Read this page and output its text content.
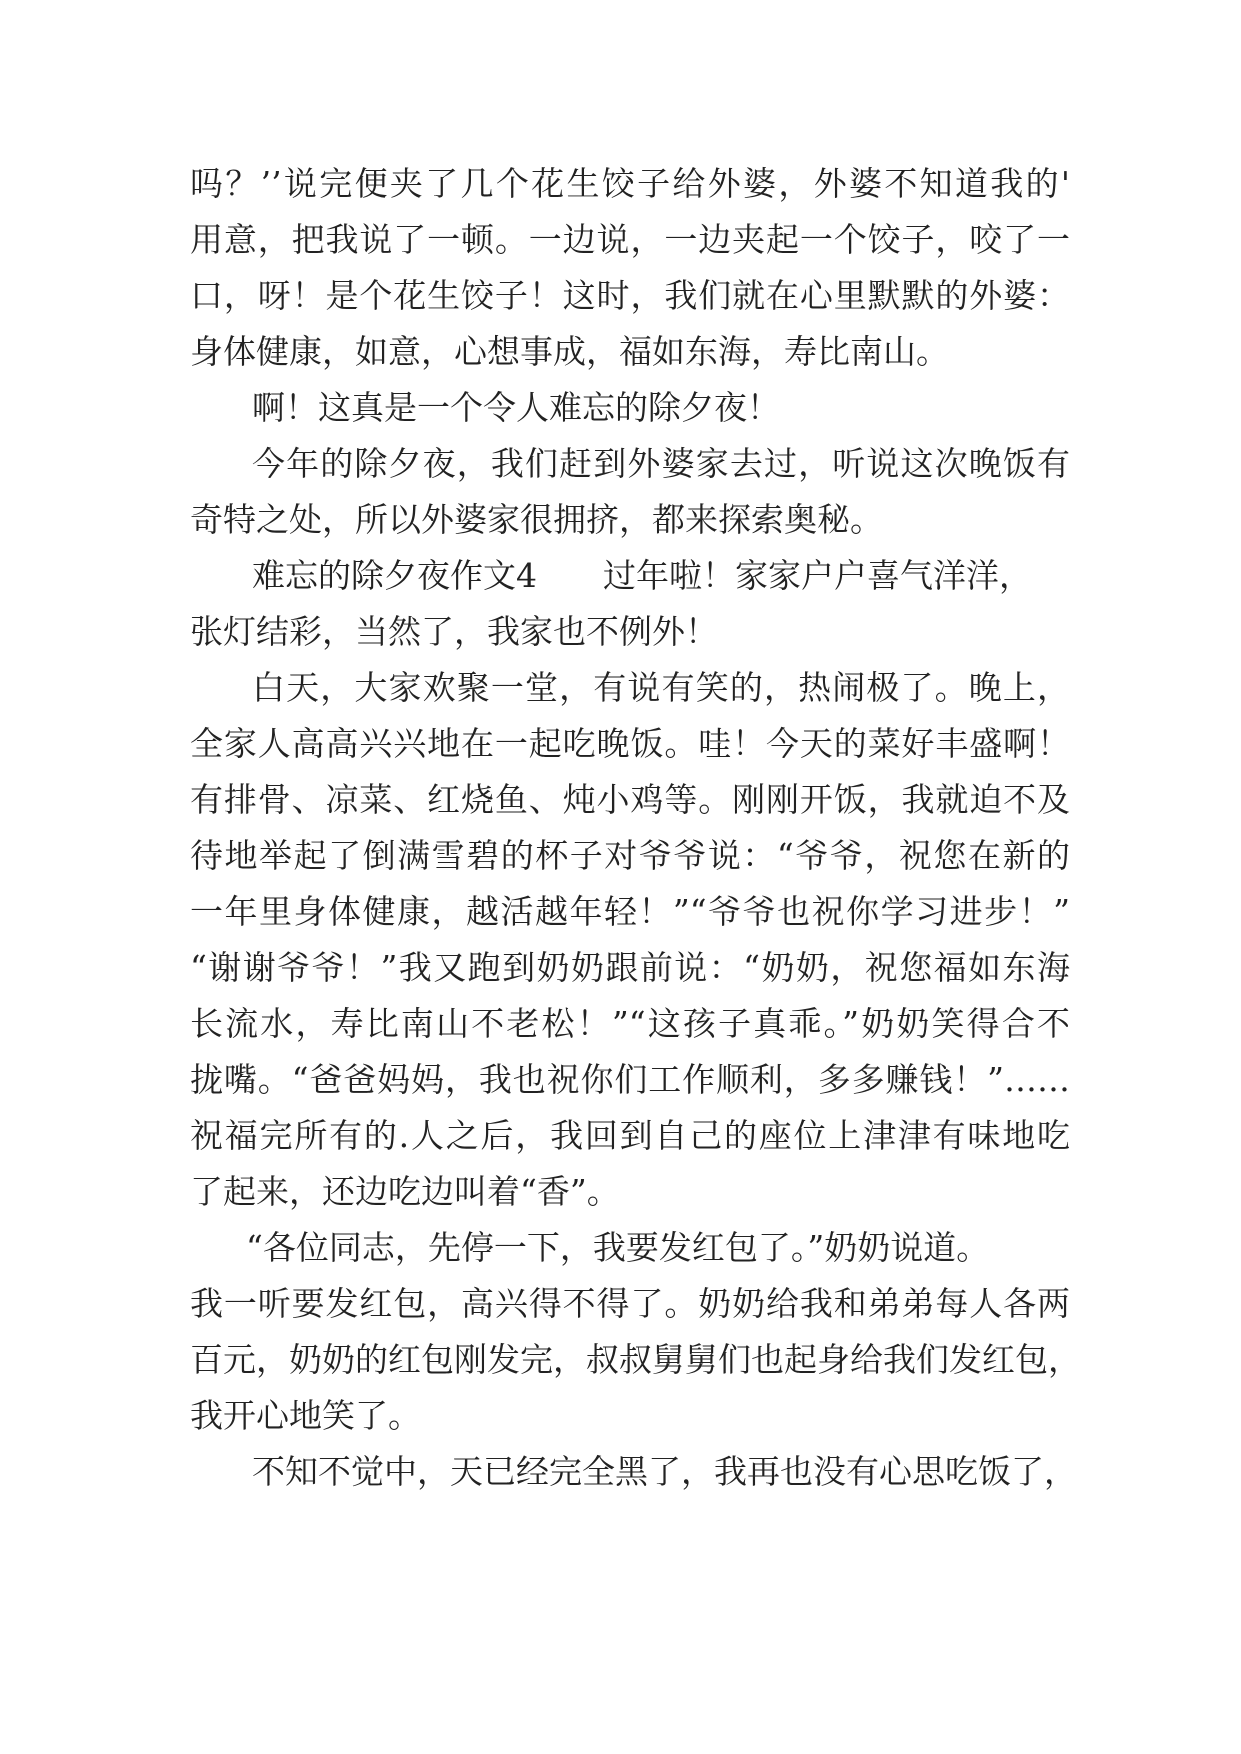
吗？’’说完便夹了几个花生饺子给外婆，外婆不知道我的'
用意，把我说了一顿。一边说，一边夹起一个饺子，咬了一
口，呀！是个花生饺子！这时，我们就在心里默默的外婆：
身体健康，如意，心想事成，福如东海，寿比南山。
啊！这真是一个令人难忘的除夕夜！
今年的除夕夜，我们赶到外婆家去过，听说这次晚饭有
奇特之处，所以外婆家很拥挤，都来探索奥秘。
难忘的除夕夜作文4　　过年啦！家家户户喜气洋洋，
张灯结彩，当然了，我家也不例外！
白天，大家欢聚一堂，有说有笑的，热闹极了。晚上，
全家人高高兴兴地在一起吃晚饭。哇！今天的菜好丰盛啊！
有排骨、凉菜、红烧鱼、炖小鸡等。刚刚开饭，我就迫不及
待地举起了倒满雪碧的杯子对爷爷说：“爷爷，祝您在新的
一年里身体健康，越活越年轻！”“爷爷也祝你学习进步！”
“谢谢爷爷！”我又跑到奶奶跟前说：“奶奶，祝您福如东海
长流水，寿比南山不老松！”“这孩子真乖。”奶奶笑得合不
拢嘴。“爸爸妈妈，我也祝你们工作顺利，多多赚钱！”……
祝福完所有的.人之后，我回到自己的座位上津津有味地吃
了起来，还边吃边叫着“香”。
“各位同志，先停一下，我要发红包了。”奶奶说道。
我一听要发红包，高兴得不得了。奶奶给我和弟弟每人各两
百元，奶奶的红包刚发完，叔叔舅舅们也起身给我们发红包，
我开心地笑了。
不知不觉中，天已经完全黑了，我再也没有心思吃饭了，
